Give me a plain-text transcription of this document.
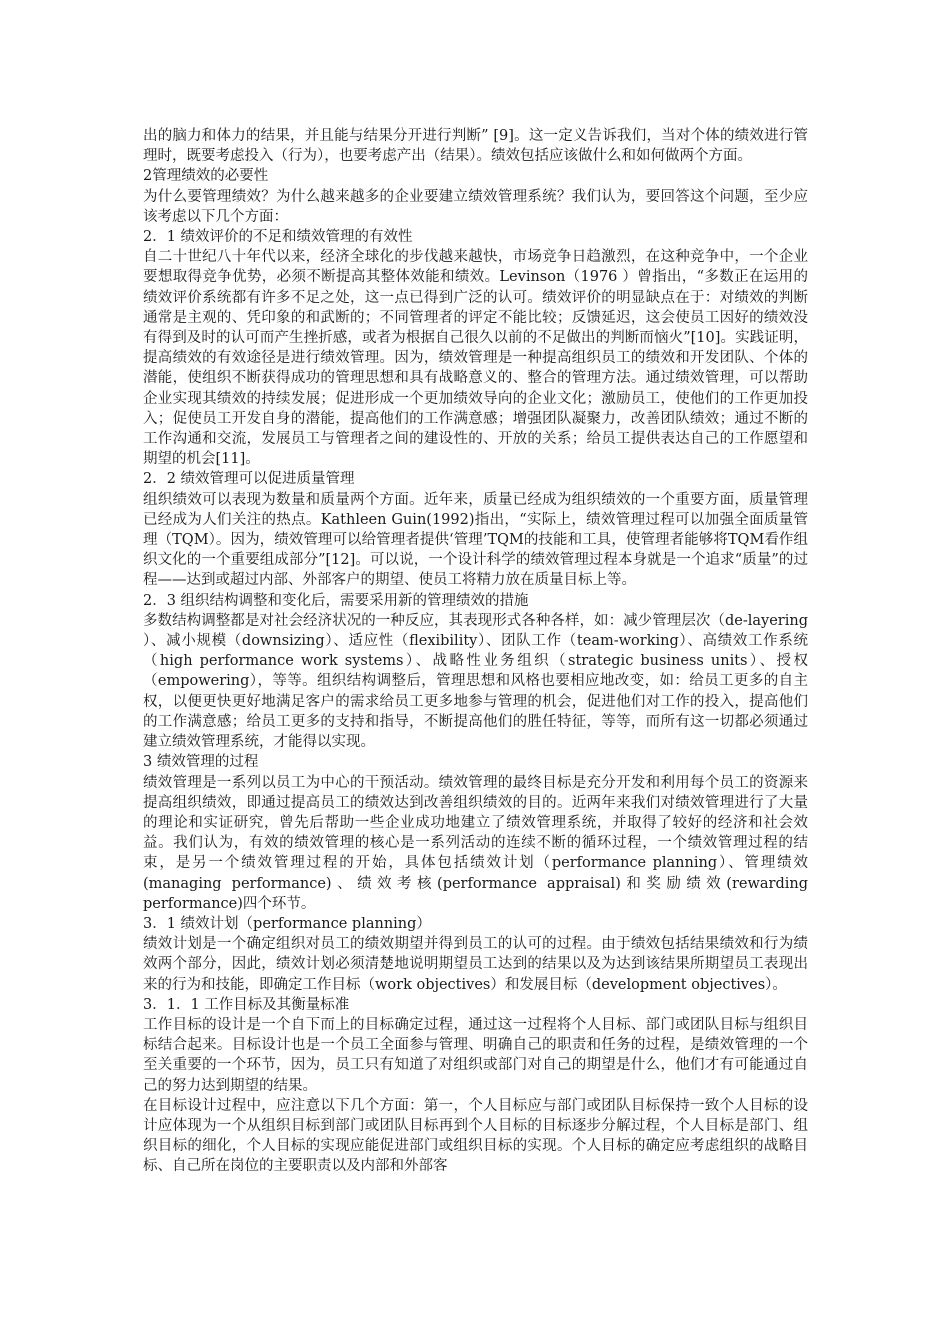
出的脑力和体力的结果，并且能与结果分开进行判断” [9]。这一定义告诉我们，当对个体的绩效进行管理时，既要考虑投入（行为），也要考虑产出（结果）。绩效包括应该做什么和如何做两个方面。

2管理绩效的必要性

为什么要管理绩效？为什么越来越多的企业要建立绩效管理系统？我们认为，要回答这个问题，至少应该考虑以下几个方面：

2．1 绩效评价的不足和绩效管理的有效性

自二十世纪八十年代以来，经济全球化的步伐越来越快，市场竞争日趋激烈，在这种竞争中，一个企业要想取得竞争优势，必须不断提高其整体效能和绩效。Levinson（1976 ）曾指出，“多数正在运用的绩效评价系统都有许多不足之处，这一点已得到广泛的认可。绩效评价的明显缺点在于：对绩效的判断通常是主观的、凭印象的和武断的；不同管理者的评定不能比较；反馈延迟，这会使员工因好的绩效没有得到及时的认可而产生挫折感，或者为根据自己很久以前的不足做出的判断而恼火”[10]。实践证明，提高绩效的有效途径是进行绩效管理。因为，绩效管理是一种提高组织员工的绩效和开发团队、个体的潜能，使组织不断获得成功的管理思想和具有战略意义的、整合的管理方法。通过绩效管理，可以帮助企业实现其绩效的持续发展；促进形成一个更加绩效导向的企业文化；激励员工，使他们的工作更加投入；促使员工开发自身的潜能，提高他们的工作满意感；增强团队凝聚力，改善团队绩效；通过不断的工作沟通和交流，发展员工与管理者之间的建设性的、开放的关系；给员工提供表达自己的工作愿望和期望的机会[11]。

2．2 绩效管理可以促进质量管理

组织绩效可以表现为数量和质量两个方面。近年来，质量已经成为组织绩效的一个重要方面，质量管理已经成为人们关注的热点。Kathleen Guin(1992)指出，“实际上，绩效管理过程可以加强全面质量管理（TQM）。因为，绩效管理可以给管理者提供‘管理’TQM的技能和工具，使管理者能够将TQM看作组织文化的一个重要组成部分”[12]。可以说，一个设计科学的绩效管理过程本身就是一个追求“质量”的过程——达到或超过内部、外部客户的期望、使员工将精力放在质量目标上等。

2．3 组织结构调整和变化后，需要采用新的管理绩效的措施

多数结构调整都是对社会经济状况的一种反应，其表现形式各种各样，如：减少管理层次（de-layering ）、减小规模（downsizing）、适应性（flexibility）、团队工作（team-working）、高绩效工作系统（high performance work systems）、战略性业务组织（strategic business units）、授权（empowering），等等。组织结构调整后，管理思想和风格也要相应地改变，如：给员工更多的自主权，以便更快更好地满足客户的需求给员工更多地参与管理的机会，促进他们对工作的投入，提高他们的工作满意感；给员工更多的支持和指导，不断提高他们的胜任特征，等等，而所有这一切都必须通过建立绩效管理系统，才能得以实现。

3 绩效管理的过程

绩效管理是一系列以员工为中心的干预活动。绩效管理的最终目标是充分开发和利用每个员工的资源来提高组织绩效，即通过提高员工的绩效达到改善组织绩效的目的。近两年来我们对绩效管理进行了大量的理论和实证研究，曾先后帮助一些企业成功地建立了绩效管理系统，并取得了较好的经济和社会效益。我们认为，有效的绩效管理的核心是一系列活动的连续不断的循环过程，一个绩效管理过程的结束，是另一个绩效管理过程的开始，具体包括绩效计划（performance planning）、管理绩效(managing performance)、绩效考核(performance appraisal)和奖励绩效(rewarding performance)四个环节。

3．1 绩效计划（performance planning）

绩效计划是一个确定组织对员工的绩效期望并得到员工的认可的过程。由于绩效包括结果绩效和行为绩效两个部分，因此，绩效计划必须清楚地说明期望员工达到的结果以及为达到该结果所期望员工表现出来的行为和技能，即确定工作目标（work objectives）和发展目标（development objectives）。

3．1．1 工作目标及其衡量标准

工作目标的设计是一个自下而上的目标确定过程，通过这一过程将个人目标、部门或团队目标与组织目标结合起来。目标设计也是一个员工全面参与管理、明确自己的职责和任务的过程，是绩效管理的一个至关重要的一个环节，因为，员工只有知道了对组织或部门对自己的期望是什么，他们才有可能通过自己的努力达到期望的结果。

在目标设计过程中，应注意以下几个方面：第一，个人目标应与部门或团队目标保持一致个人目标的设计应体现为一个从组织目标到部门或团队目标再到个人目标的目标逐步分解过程，个人目标是部门、组织目标的细化，个人目标的实现应能促进部门或组织目标的实现。个人目标的确定应考虑组织的战略目标、自己所在岗位的主要职责以及内部和外部客
